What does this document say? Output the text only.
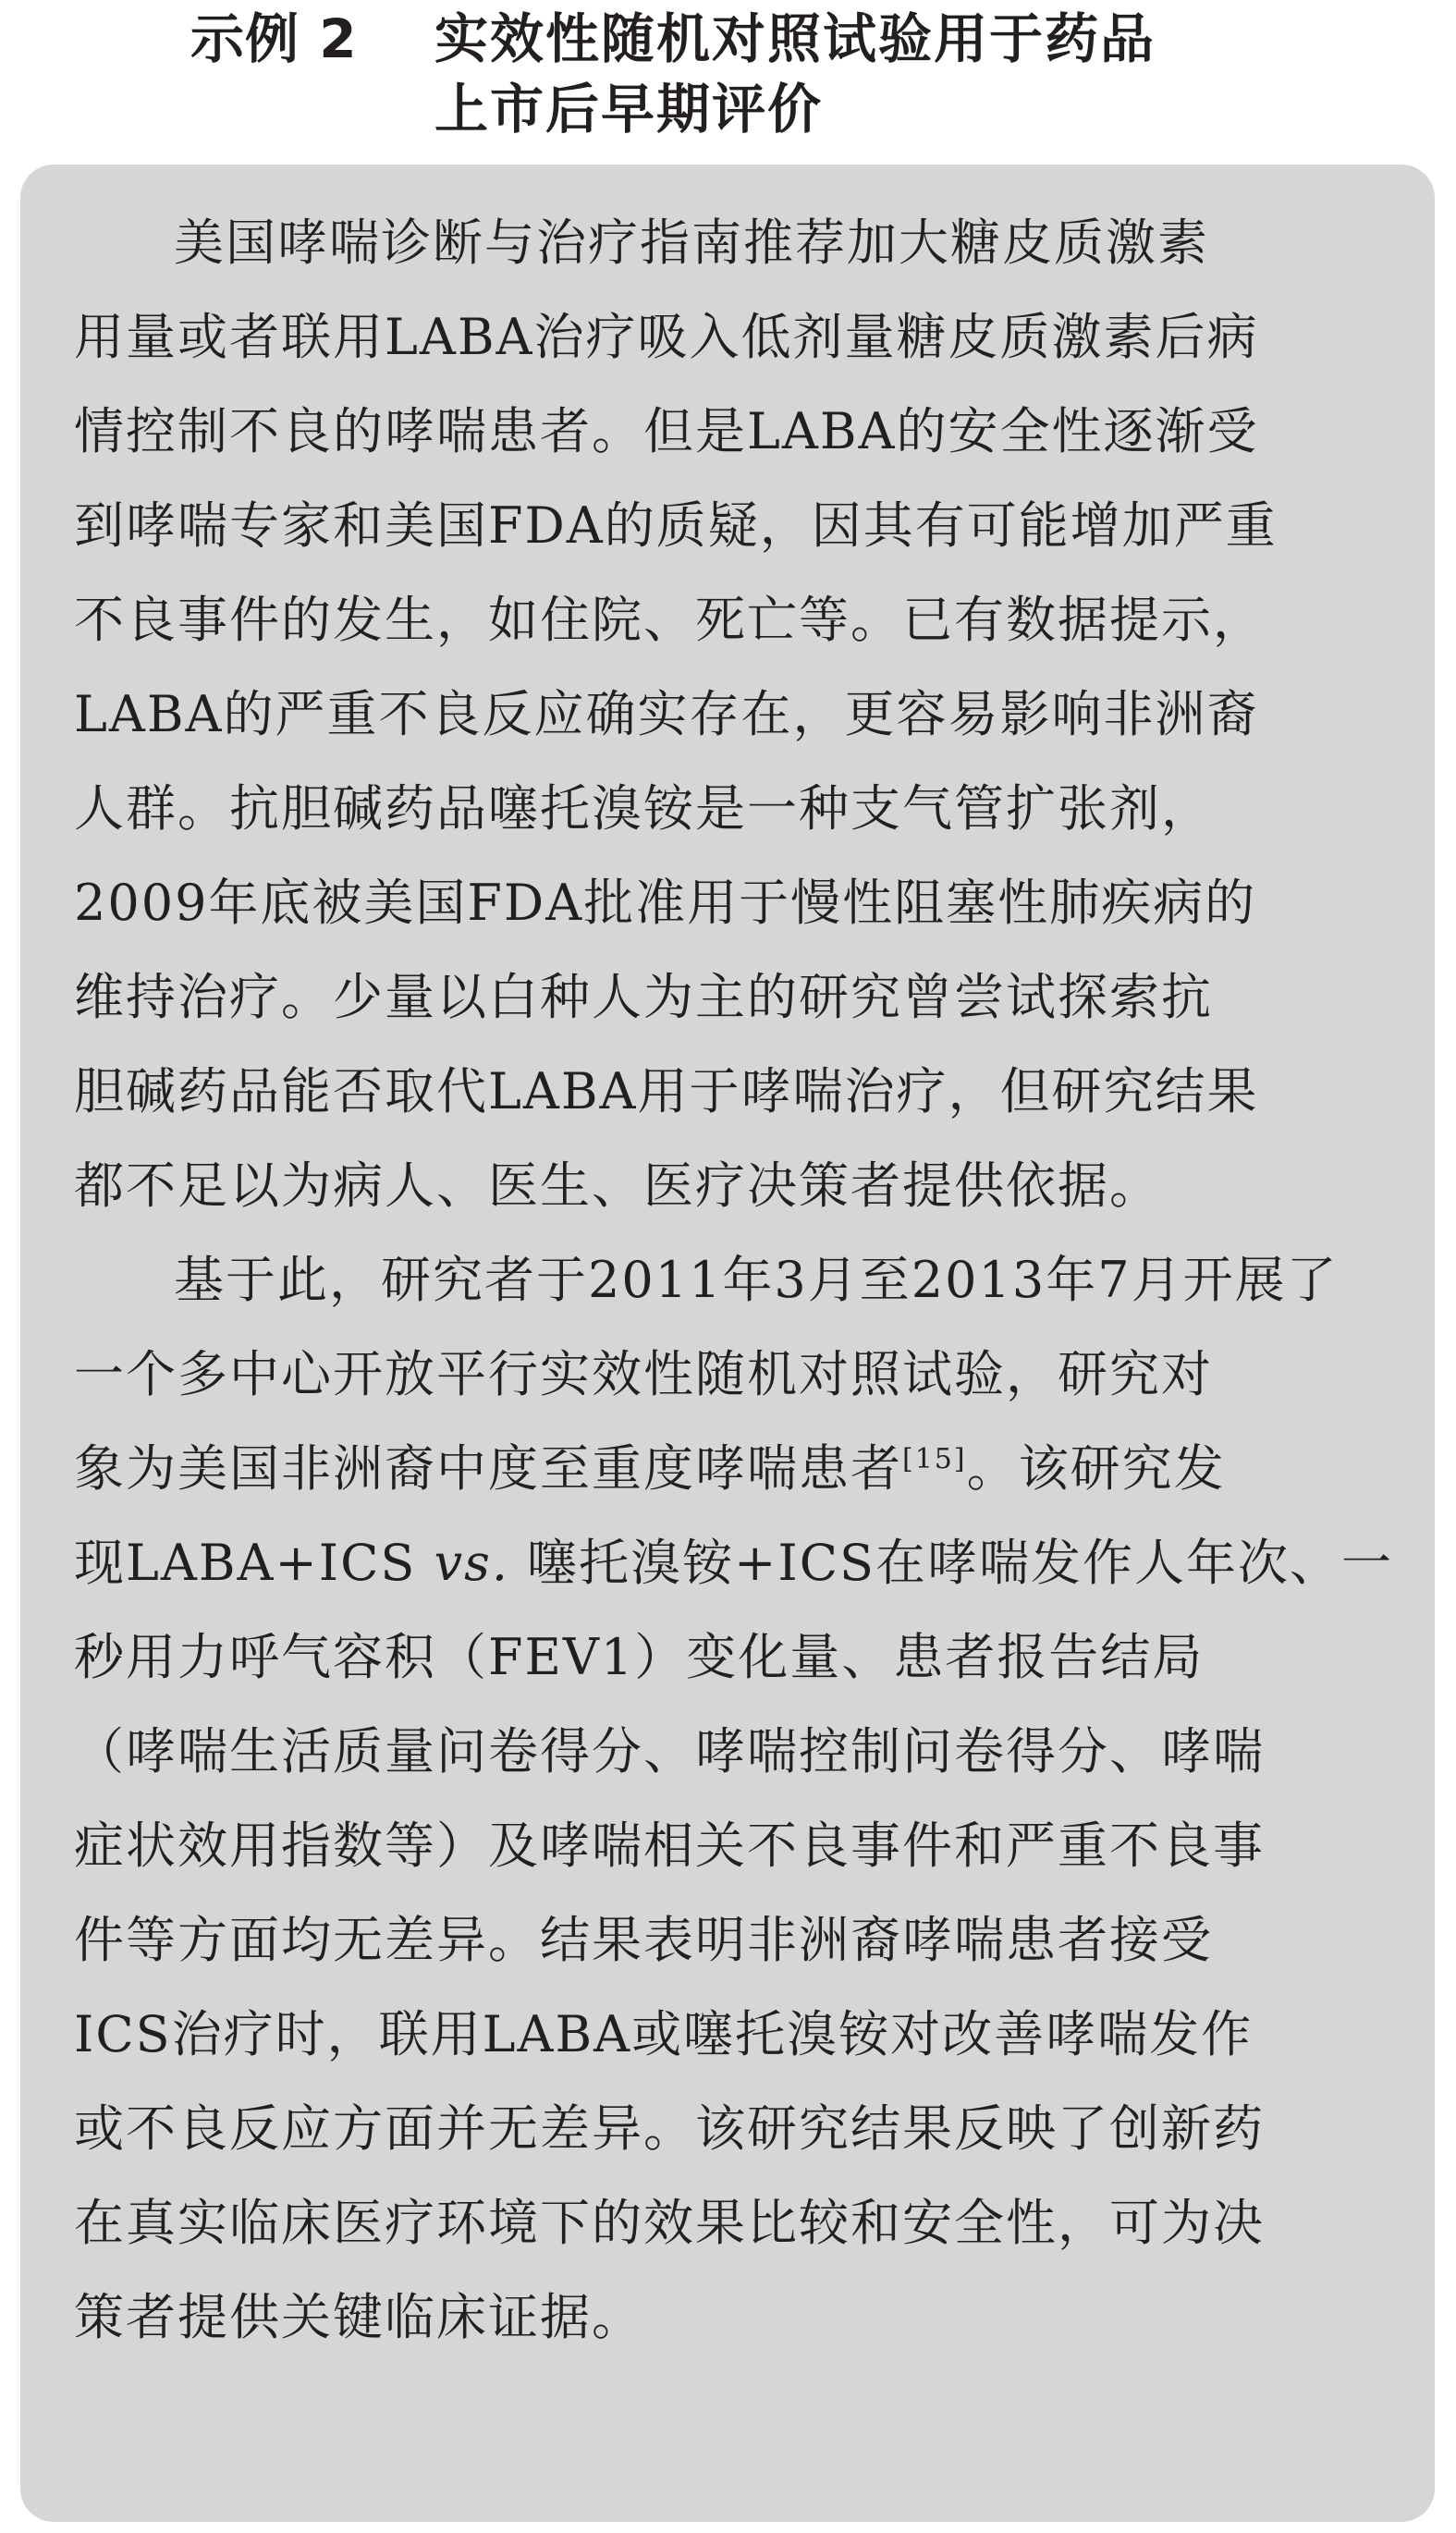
示例 2 实效性随机对照试验用于药品
上市后早期评价

美国哮喘诊断与治疗指南推荐加大糖皮质激素
用量或者联用LABA治疗吸入低剂量糖皮质激素后病
情控制不良的哮喘患者。但是LABA的安全性逐渐受
到哮喘专家和美国FDA的质疑，因其有可能增加严重
不良事件的发生，如住院、死亡等。已有数据提示，
LABA的严重不良反应确实存在，更容易影响非洲裔
人群。抗胆碱药品噻托溴铵是一种支气管扩张剂，
2009年底被美国FDA批准用于慢性阻塞性肺疾病的
维持治疗。少量以白种人为主的研究曾尝试探索抗
胆碱药品能否取代LABA用于哮喘治疗，但研究结果
都不足以为病人、医生、医疗决策者提供依据。

基于此，研究者于2011年3月至2013年7月开展了
一个多中心开放平行实效性随机对照试验，研究对
象为美国非洲裔中度至重度哮喘患者[15]。该研究发
现LABA+ICS vs. 噻托溴铵+ICS在哮喘发作人年次、一
秒用力呼气容积（FEV1）变化量、患者报告结局
（哮喘生活质量问卷得分、哮喘控制问卷得分、哮喘
症状效用指数等）及哮喘相关不良事件和严重不良事
件等方面均无差异。结果表明非洲裔哮喘患者接受
ICS治疗时，联用LABA或噻托溴铵对改善哮喘发作
或不良反应方面并无差异。该研究结果反映了创新药
在真实临床医疗环境下的效果比较和安全性，可为决
策者提供关键临床证据。
